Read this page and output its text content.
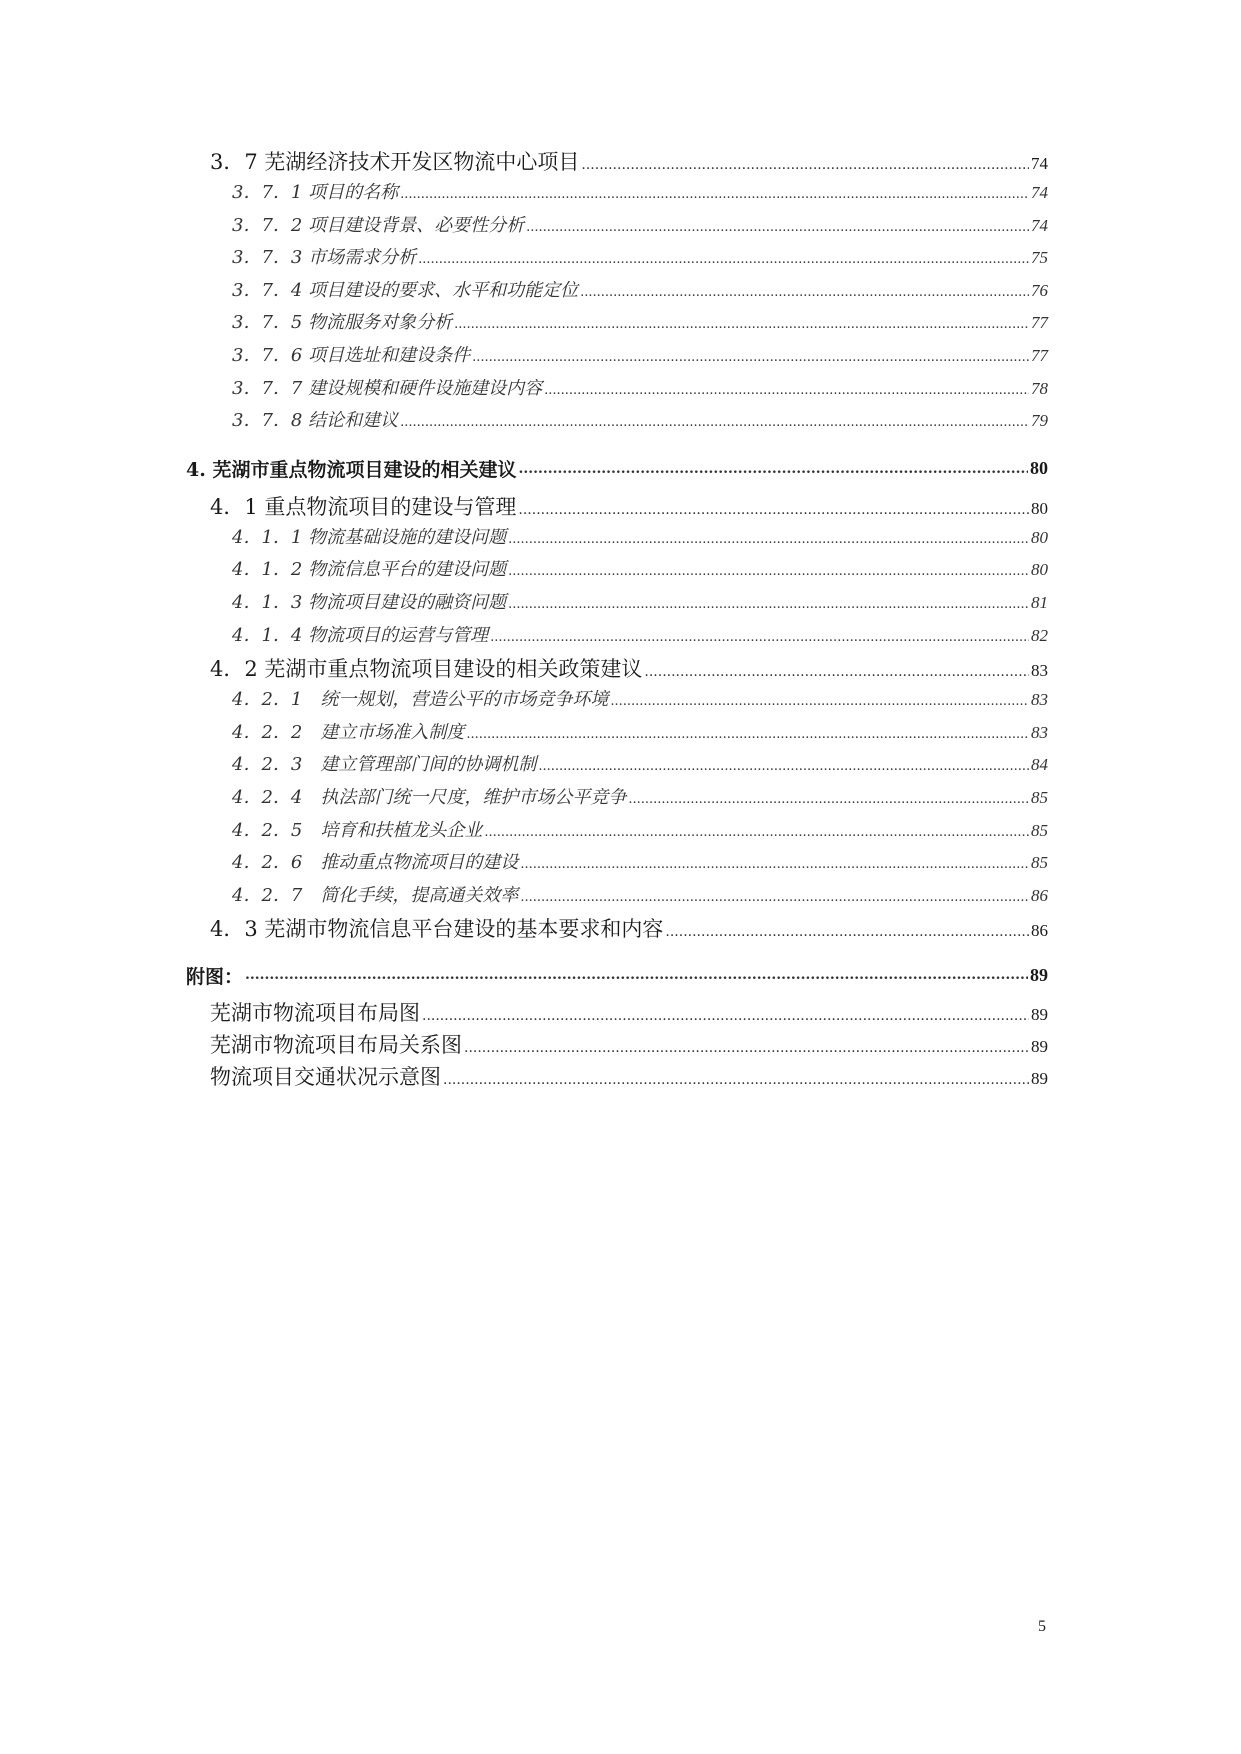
3．7 芜湖经济技术开发区物流中心项目 .....	74
3．7．1 项目的名称 .....	74
3．7．2 项目建设背景、必要性分析 .....	74
3．7．3 市场需求分析 .....	75
3．7．4 项目建设的要求、水平和功能定位 .....	76
3．7．5 物流服务对象分析 .....	77
3．7．6 项目选址和建设条件 .....	77
3．7．7 建设规模和硬件设施建设内容 .....	78
3．7．8 结论和建议 .....	79
4. 芜湖市重点物流项目建设的相关建议 .....	80
4．1 重点物流项目的建设与管理 .....	80
4．1．1 物流基础设施的建设问题 .....	80
4．1．2 物流信息平台的建设问题 .....	80
4．1．3 物流项目建设的融资问题 .....	81
4．1．4 物流项目的运营与管理 .....	82
4．2 芜湖市重点物流项目建设的相关政策建议 .....	83
4．2．1　统一规划，营造公平的市场竞争环境 .....	83
4．2．2　建立市场准入制度 .....	83
4．2．3　建立管理部门间的协调机制 .....	84
4．2．4　执法部门统一尺度，维护市场公平竞争 .....	85
4．2．5　培育和扶植龙头企业 .....	85
4．2．6　推动重点物流项目的建设 .....	85
4．2．7　简化手续，提高通关效率 .....	86
4．3 芜湖市物流信息平台建设的基本要求和内容 .....	86
附图： .....	89
芜湖市物流项目布局图 .....	89
芜湖市物流项目布局关系图 .....	89
物流项目交通状况示意图 .....	89
5
